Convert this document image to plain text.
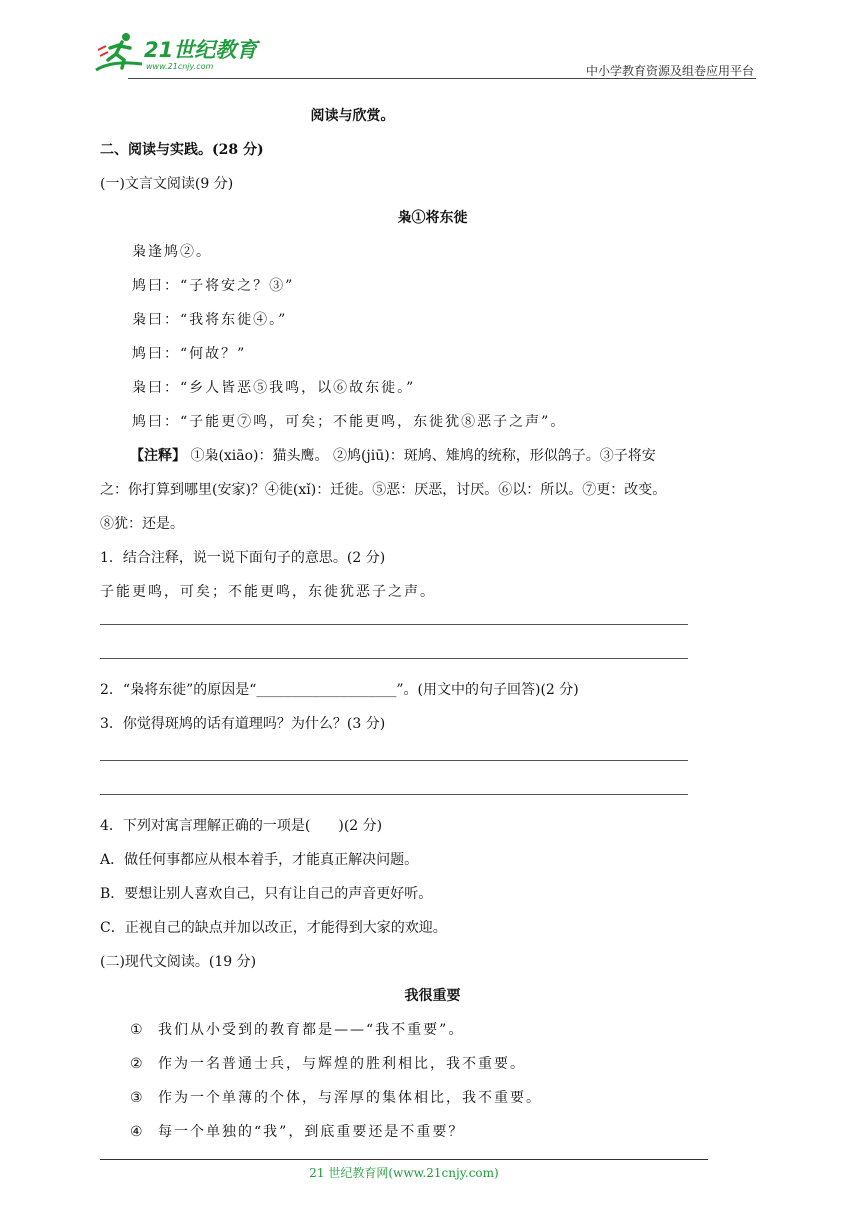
21世纪教育
www.21cnjy.com	中小学教育资源及组卷应用平台
阅读与欣赏。
二、阅读与实践。(28 分)
(一)文言文阅读(9 分)
枭①将东徙
枭逢鸠②。
鸠曰：“子将安之？③”
枭曰：“我将东徙④。”
鸠曰：“何故？”
枭曰：“乡人皆恶⑤我鸣，以⑥故东徙。”
鸠曰：“子能更⑦鸣，可矣；不能更鸣，东徙犹⑧恶子之声”。
【注释】 ①枭(xiāo)：猫头鹰。 ②鸠(jiū)：斑鸠、雉鸠的统称，形似鸽子。③子将安
之：你打算到哪里(安家)？④徙(xǐ)：迁徙。⑤恶：厌恶，讨厌。⑥以：所以。⑦更：改变。
⑧犹：还是。
1．结合注释，说一说下面句子的意思。(2 分)
子能更鸣，可矣；不能更鸣，东徙犹恶子之声。
2．“枭将东徙”的原因是“____________________”。(用文中的句子回答)(2 分)
3．你觉得斑鸠的话有道理吗？为什么？(3 分)
4．下列对寓言理解正确的一项是(　　)(2 分)
A．做任何事都应从根本着手，才能真正解决问题。
B．要想让别人喜欢自己，只有让自己的声音更好听。
C．正视自己的缺点并加以改正，才能得到大家的欢迎。
(二)现代文阅读。(19 分)
我很重要
① 我们从小受到的教育都是——“我不重要”。
② 作为一名普通士兵，与辉煌的胜利相比，我不重要。
③ 作为一个单薄的个体，与浑厚的集体相比，我不重要。
④ 每一个单独的“我”，到底重要还是不重要？
21 世纪教育网(www.21cnjy.com)
